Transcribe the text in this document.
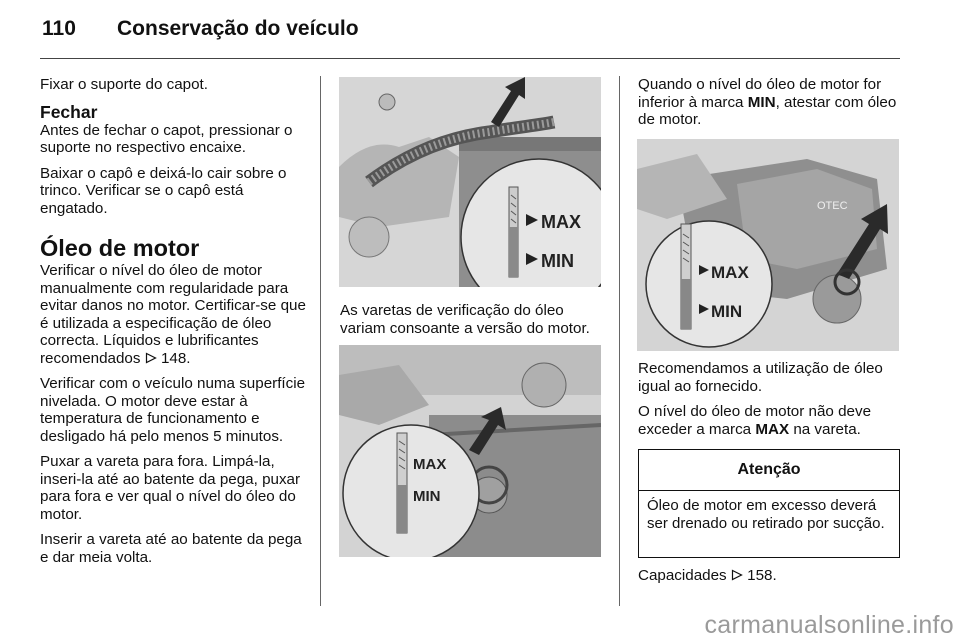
110 Conservação do veículo

Fixar o suporte do capot.

Fechar

Antes de fechar o capot, pressionar o suporte no respectivo encaixe.

Baixar o capô e deixá-lo cair sobre o trinco. Verificar se o capô está engatado.

Óleo de motor

Verificar o nível do óleo de motor manualmente com regularidade para evitar danos no motor. Certificar-se que é utilizada a especificação de óleo correcta. Líquidos e lubrificantes recomendados 148.

Verificar com o veículo numa superfície nivelada. O motor deve estar à temperatura de funcionamento e desligado há pelo menos 5 minutos.

Puxar a vareta para fora. Limpá-la, inseri-la até ao batente da pega, puxar para fora e ver qual o nível do óleo do motor.

Inserir a vareta até ao batente da pega e dar meia volta.

MAX
MIN
As varetas de verificação do óleo variam consoante a versão do motor.
MAX
MIN
Quando o nível do óleo de motor for inferior à marca MIN, atestar com óleo de motor.
OTEC
MAX
MIN

Recomendamos a utilização de óleo igual ao fornecido.

O nível do óleo de motor não deve exceder a marca MAX na vareta.

Atenção
Óleo de motor em excesso deverá ser drenado ou retirado por sucção.
Capacidades 158.
carmanualsonline.info
